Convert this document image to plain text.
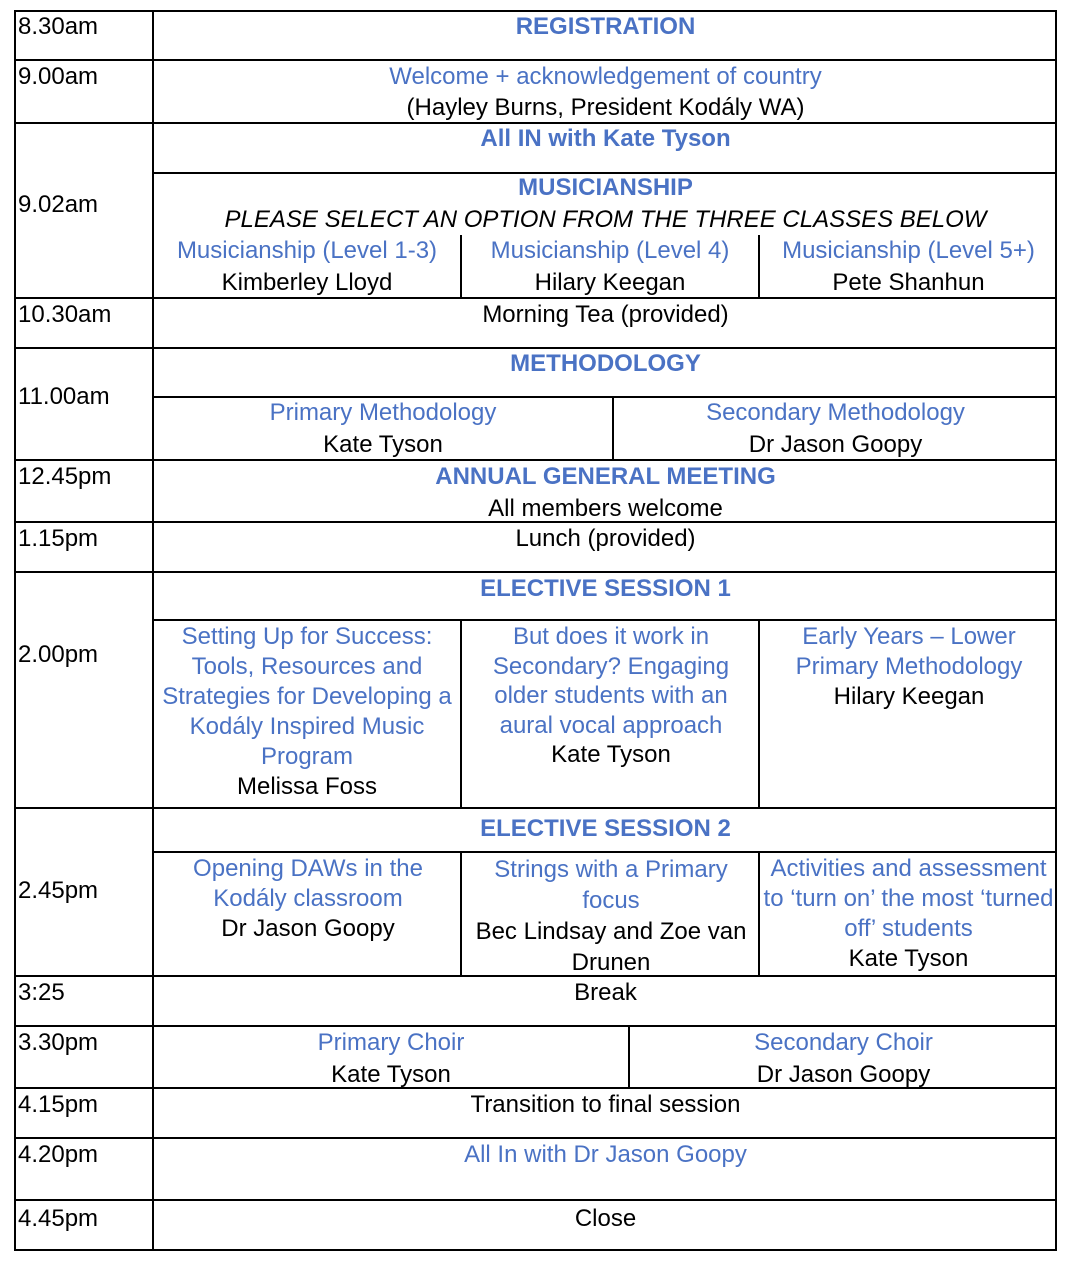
8.30am
9.00am
9.02am
10.30am
11.00am
12.45pm
1.15pm
2.00pm
2.45pm
3:25
3.30pm
4.15pm
4.20pm
4.45pm
REGISTRATION
Welcome + acknowledgement of country
(Hayley Burns, President Kodály WA)
All IN with Kate Tyson
MUSICIANSHIP
PLEASE SELECT AN OPTION FROM THE THREE CLASSES BELOW
Musicianship (Level 1-3)
Kimberley Lloyd
Musicianship (Level 4)
Hilary Keegan
Musicianship (Level 5+)
Pete Shanhun
Morning Tea (provided)
METHODOLOGY
Primary Methodology
Kate Tyson
Secondary Methodology
Dr Jason Goopy
ANNUAL GENERAL MEETING
All members welcome
Lunch (provided)
ELECTIVE SESSION 1
Setting Up for Success: Tools, Resources and Strategies for Developing a Kodály Inspired Music Program
Melissa Foss
But does it work in Secondary? Engaging older students with an aural vocal approach
Kate Tyson
Early Years – Lower Primary Methodology
Hilary Keegan
ELECTIVE SESSION 2
Opening DAWs in the Kodály classroom
Dr Jason Goopy
Strings with a Primary focus
Bec Lindsay and Zoe van Drunen
Activities and assessment to ‘turn on’ the most ‘turned off’ students
Kate Tyson
Break
Primary Choir
Kate Tyson
Secondary Choir
Dr Jason Goopy
Transition to final session
All In with Dr Jason Goopy
Close
